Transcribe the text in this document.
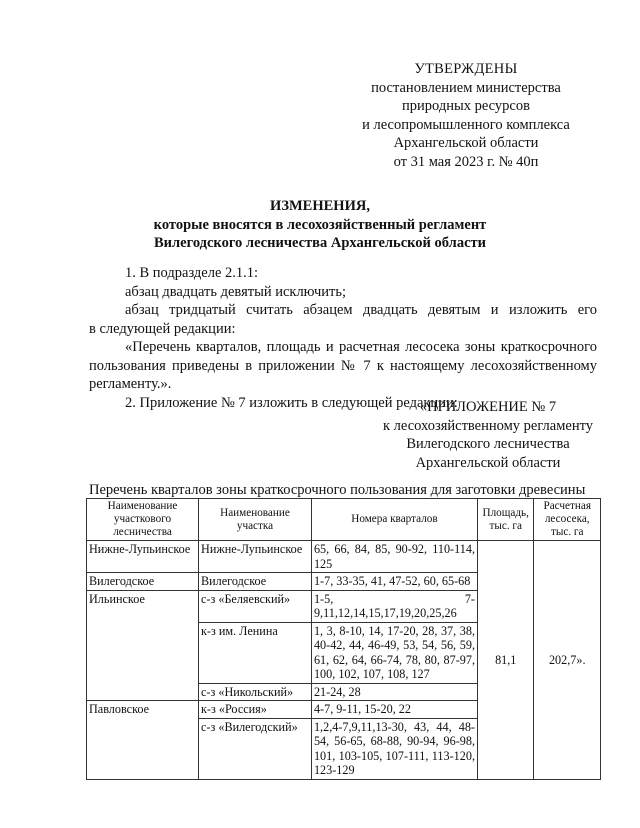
УТВЕРЖДЕНЫ
постановлением министерства
природных ресурсов
и лесопромышленного комплекса
Архангельской области
от 31 мая 2023 г. № 40п
ИЗМЕНЕНИЯ,
которые вносятся в лесохозяйственный регламент
Вилегодского лесничества Архангельской области

1. В подразделе 2.1.1:

абзац двадцать девятый исключить;

абзац тридцатый считать абзацем двадцать девятым и изложить его

в следующей редакции:

«Перечень кварталов, площадь и расчетная лесосека зоны краткосрочного пользования приведены в приложении № 7 к настоящему лесохозяйственному регламенту.».

2. Приложение № 7 изложить в следующей редакции:

«ПРИЛОЖЕНИЕ № 7
к лесохозяйственному регламенту
Вилегодского лесничества
Архангельской области
Перечень кварталов зоны краткосрочного пользования для заготовки древесины
Наименование участкового лесничества	Наименование участка	Номера кварталов	Площадь, тыс. га	Расчетная лесосека, тыс. га
Нижне-Лупьинское	Нижне-Лупьинское	65, 66, 84, 85, 90-92, 110-114, 125	81,1	202,7».
Вилегодское	Вилегодское	1-7, 33-35, 41, 47-52, 60, 65-68		
Ильинское	с-з «Беляевский»	1-5, 7-9,11,12,14,15,17,19,20,25,26		
	к-з им. Ленина	1, 3, 8-10, 14, 17-20, 28, 37, 38, 40-42, 44, 46-49, 53, 54, 56, 59, 61, 62, 64, 66-74, 78, 80, 87-97, 100, 102, 107, 108, 127		
	с-з «Никольский»	21-24, 28		
Павловское	к-з «Россия»	4-7, 9-11, 15-20, 22		
	с-з «Вилегодский»	1,2,4-7,9,11,13-30, 43, 44, 48-54, 56-65, 68-88, 90-94, 96-98, 101, 103-105, 107-111, 113-120, 123-129		
